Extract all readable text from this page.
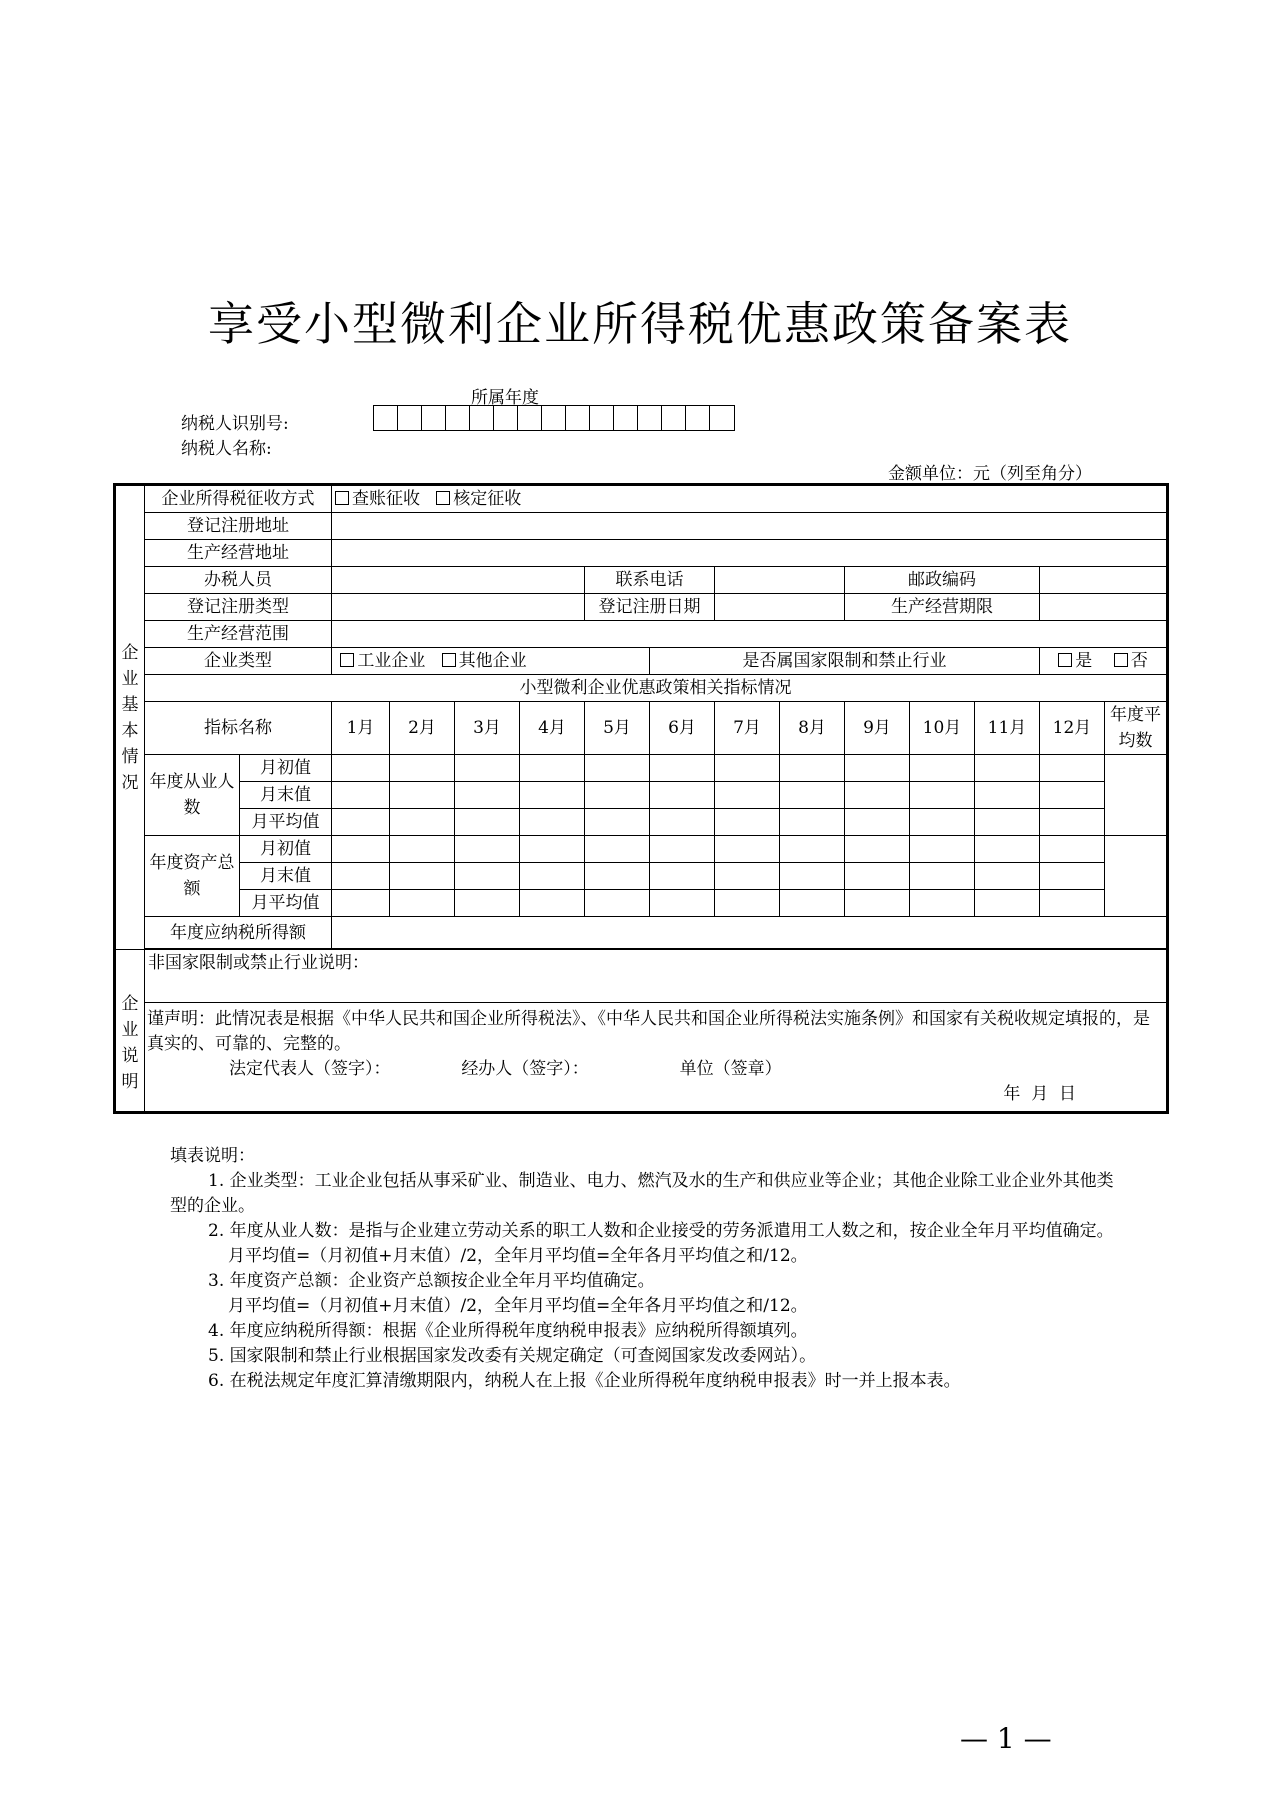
享受小型微利企业所得税优惠政策备案表
所属年度
纳税人识别号:
纳税人名称:
金额单位：元（列至角分）
企业基本情况	企业所得税征收方式		查账征收 核定征收												
	登记注册地址														
	生产经营地址														
	办税人员						联系电话				邮政编码				
	登记注册类型						登记注册日期				生产经营期限				
	生产经营范围														
	企业类型		工业企业 其他企业					是否属国家限制和禁止行业						是 否	
	小型微利企业优惠政策相关指标情况														
	指标名称		1月	2月	3月	4月	5月	6月	7月	8月	9月	10月	11月	12月	年度平均数
	年度从业人数	月初值													
		月末值													
		月平均值													
	年度资产总额	月初值													
		月末值													
		月平均值													
	年度应纳税所得额														

企业说明	非国家限制或禁止行业说明：														

	谨声明：此情况表是根据《中华人民共和国企业所得税法》、《中华人民共和国企业所得税法实施条例》和国家有关税收规定填报的，是真实的、可靠的、完整的。
法定代表人（签字）： 经办人（签字）： 单位（签章）
年  月  日														

填表说明：

1. 企业类型：工业企业包括从事采矿业、制造业、电力、燃汽及水的生产和供应业等企业；其他企业除工业企业外其他类型的企业。

2. 年度从业人数：是指与企业建立劳动关系的职工人数和企业接受的劳务派遣用工人数之和，按企业全年月平均值确定。

月平均值=（月初值+月末值）/2，全年月平均值=全年各月平均值之和/12。

3. 年度资产总额：企业资产总额按企业全年月平均值确定。

月平均值=（月初值+月末值）/2，全年月平均值=全年各月平均值之和/12。

4. 年度应纳税所得额：根据《企业所得税年度纳税申报表》应纳税所得额填列。

5. 国家限制和禁止行业根据国家发改委有关规定确定（可查阅国家发改委网站）。

6. 在税法规定年度汇算清缴期限内，纳税人在上报《企业所得税年度纳税申报表》时一并上报本表。

— 1 —
